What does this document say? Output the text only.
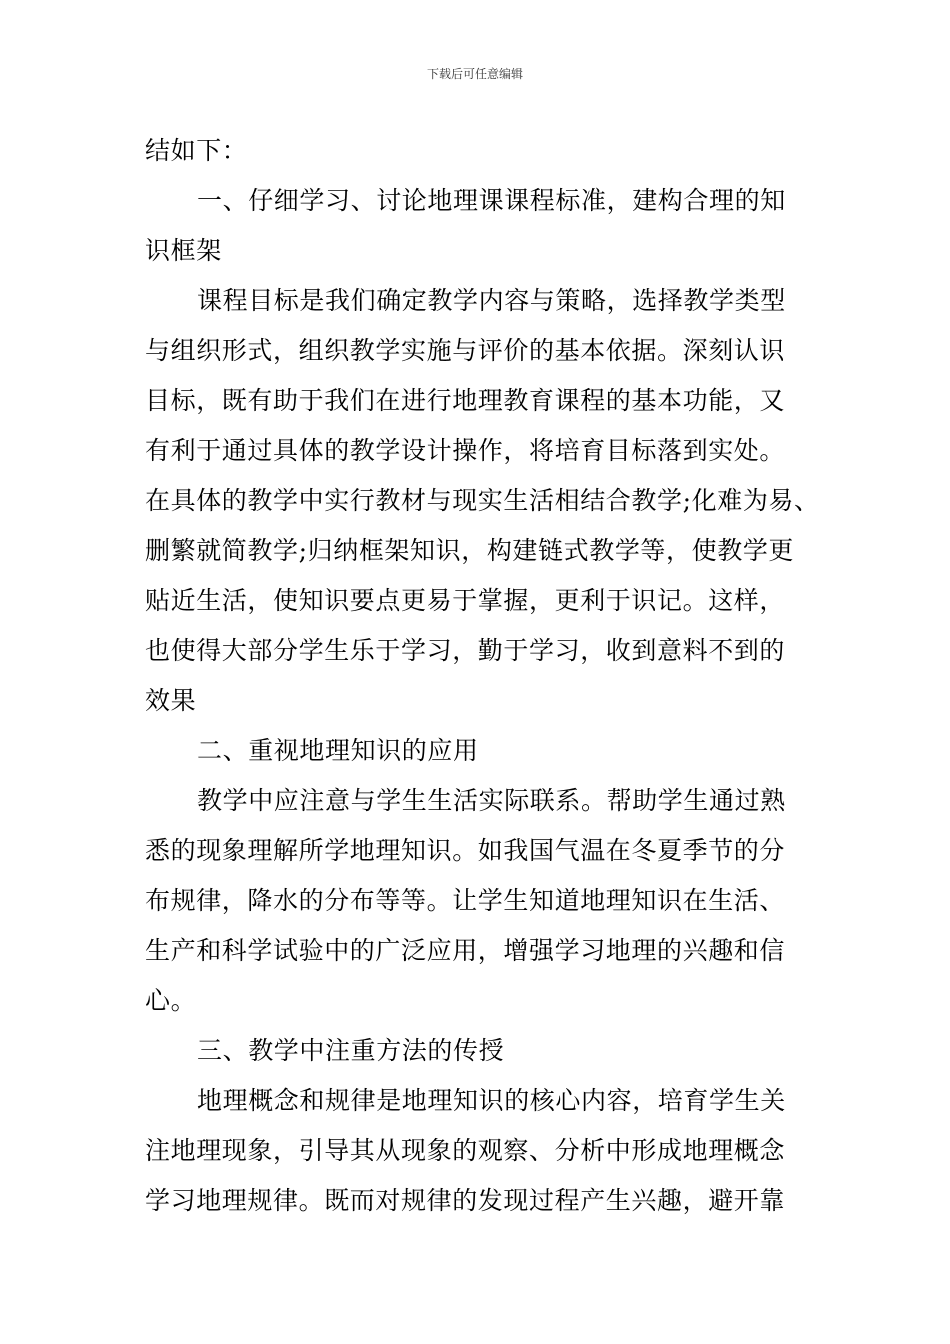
下载后可任意编辑
结如下：
一、仔细学习、讨论地理课课程标准，建构合理的知
识框架
课程目标是我们确定教学内容与策略，选择教学类型
与组织形式，组织教学实施与评价的基本依据。深刻认识
目标，既有助于我们在进行地理教育课程的基本功能，又
有利于通过具体的教学设计操作，将培育目标落到实处。
在具体的教学中实行教材与现实生活相结合教学;化难为易、
删繁就简教学;归纳框架知识，构建链式教学等，使教学更
贴近生活，使知识要点更易于掌握，更利于识记。这样，
也使得大部分学生乐于学习，勤于学习，收到意料不到的
效果
二、重视地理知识的应用
教学中应注意与学生生活实际联系。帮助学生通过熟
悉的现象理解所学地理知识。如我国气温在冬夏季节的分
布规律，降水的分布等等。让学生知道地理知识在生活、
生产和科学试验中的广泛应用，增强学习地理的兴趣和信
心。
三、教学中注重方法的传授
地理概念和规律是地理知识的核心内容，培育学生关
注地理现象，引导其从现象的观察、分析中形成地理概念
学习地理规律。既而对规律的发现过程产生兴趣，避开靠
